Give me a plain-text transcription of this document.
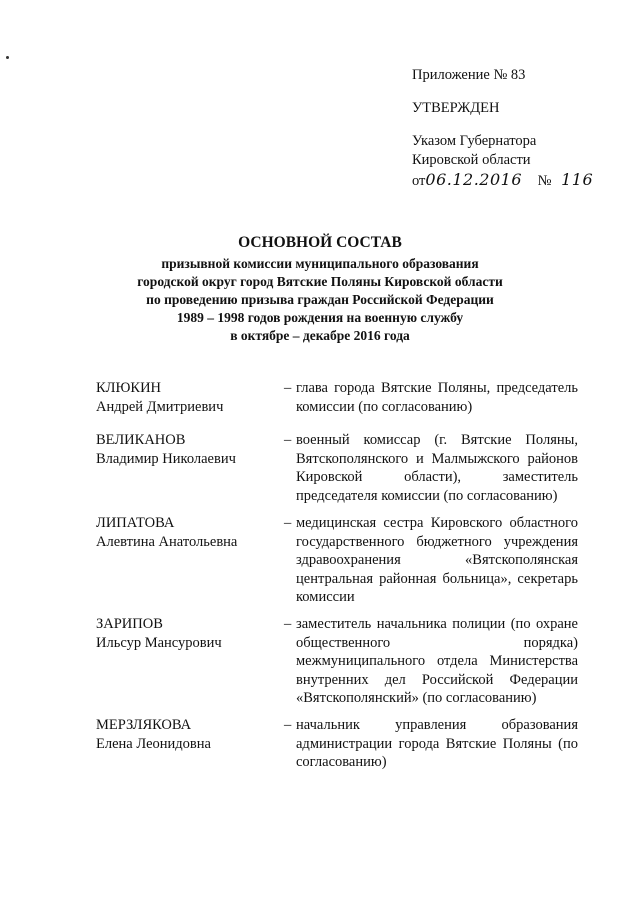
Приложение № 83
УТВЕРЖДЕН
Указом Губернатора
Кировской области
от06.12.2016 № 116
ОСНОВНОЙ СОСТАВ
призывной комиссии муниципального образования
городской округ город Вятские Поляны Кировской области
по проведению призыва граждан Российской Федерации
1989 – 1998 годов рождения на военную службу
в октябре – декабре 2016 года
КЛЮКИН
Андрей Дмитриевич
– глава города Вятские Поляны, председатель комиссии (по согласованию)
ВЕЛИКАНОВ
Владимир Николаевич
– военный комиссар (г. Вятские Поляны, Вятскополянского и Малмыжского районов Кировской области), заместитель председателя комиссии (по согласованию)
ЛИПАТОВА
Алевтина Анатольевна
– медицинская сестра Кировского областного государственного бюджетного учреждения здравоохранения «Вятскополянская центральная районная больница», секретарь комиссии
ЗАРИПОВ
Ильсур Мансурович
– заместитель начальника полиции (по охране общественного порядка) межмуниципального отдела Министерства внутренних дел Российской Федерации «Вятскополянский» (по согласованию)
МЕРЗЛЯКОВА
Елена Леонидовна
– начальник управления образования администрации города Вятские Поляны (по согласованию)
